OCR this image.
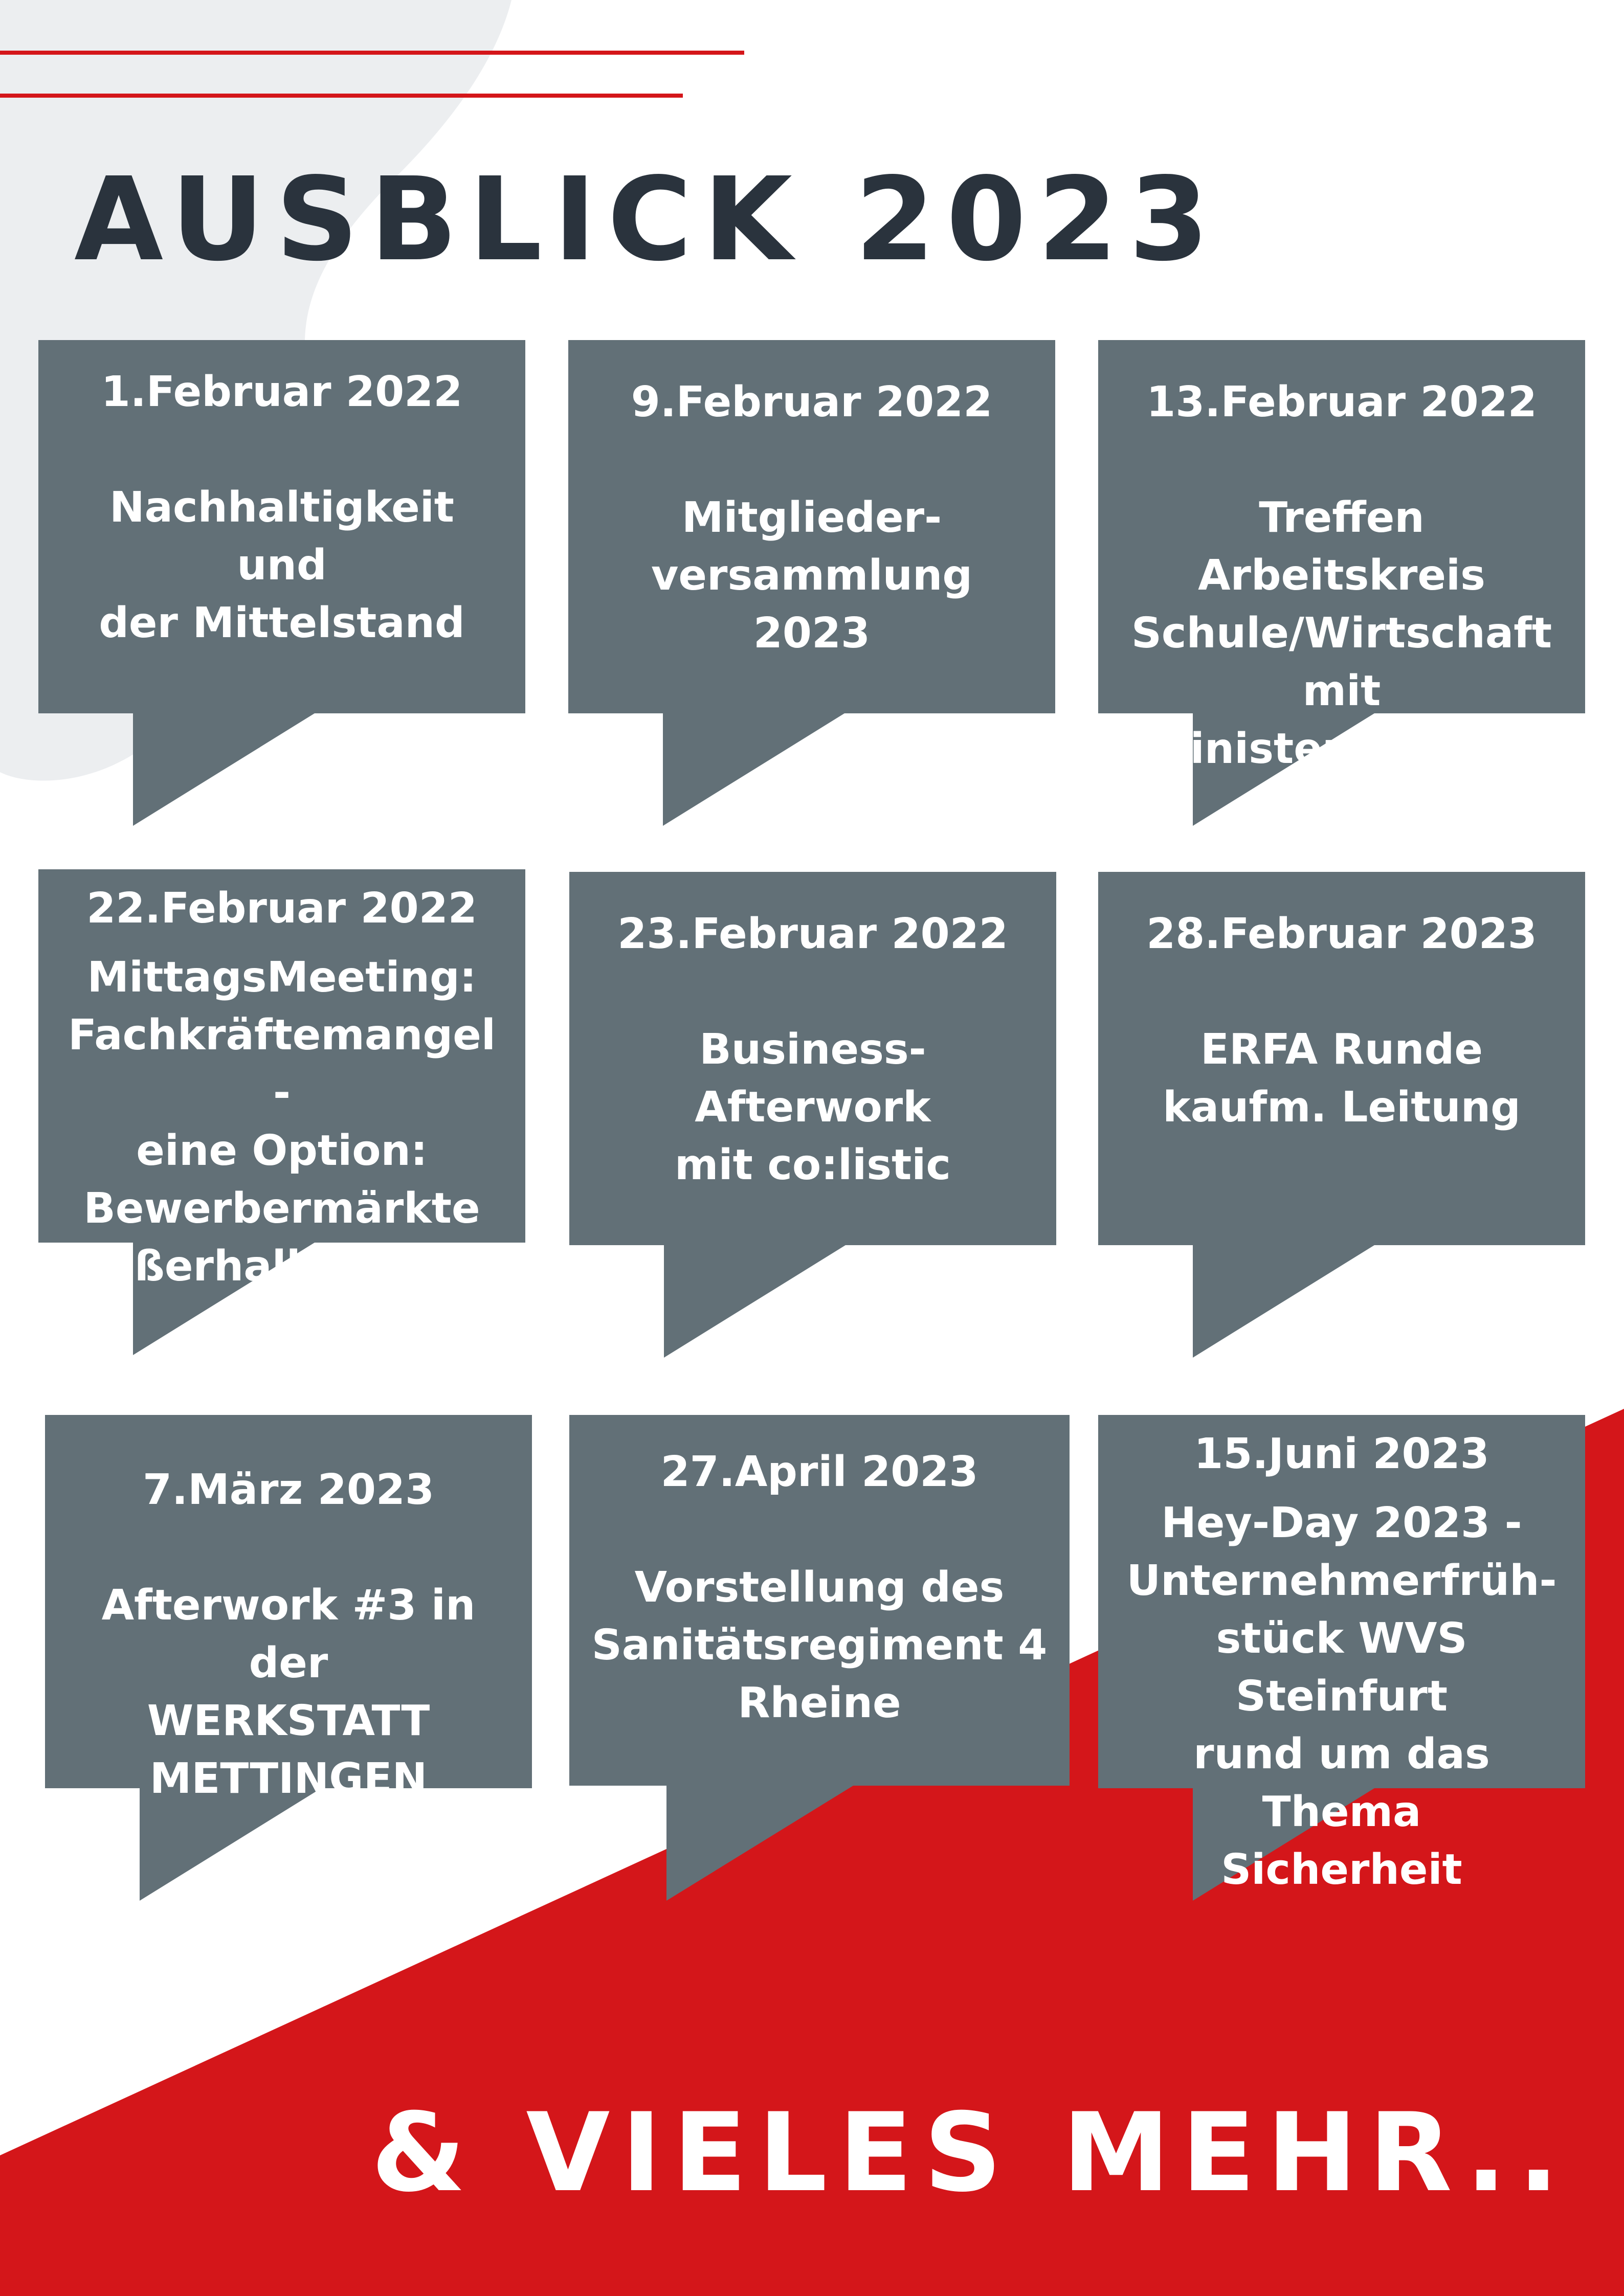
AUSBLICK 2023
1.Februar 2022
Nachhaltigkeit
und
der Mittelstand
9.Februar 2022
Mitglieder-
versammlung
2023
13.Februar 2022
Treffen Arbeitskreis
Schule/Wirtschaft mit
Ministerin Feller
22.Februar 2022
MittagsMeeting:
Fachkräftemangel -
eine Option:
Bewerbermärkte
außerhalb der EU
23.Februar 2022
Business-Afterwork
mit co:listic
28.Februar 2023
ERFA Runde
kaufm. Leitung
7.März 2023
Afterwork #3 in der
WERKSTATT
METTINGEN
27.April 2023
Vorstellung des
Sanitätsregiment 4
Rheine
15.Juni 2023
Hey-Day 2023 -
Unternehmerfrüh-
stück WVS Steinfurt
rund um das Thema
Sicherheit
& VIELES MEHR..
